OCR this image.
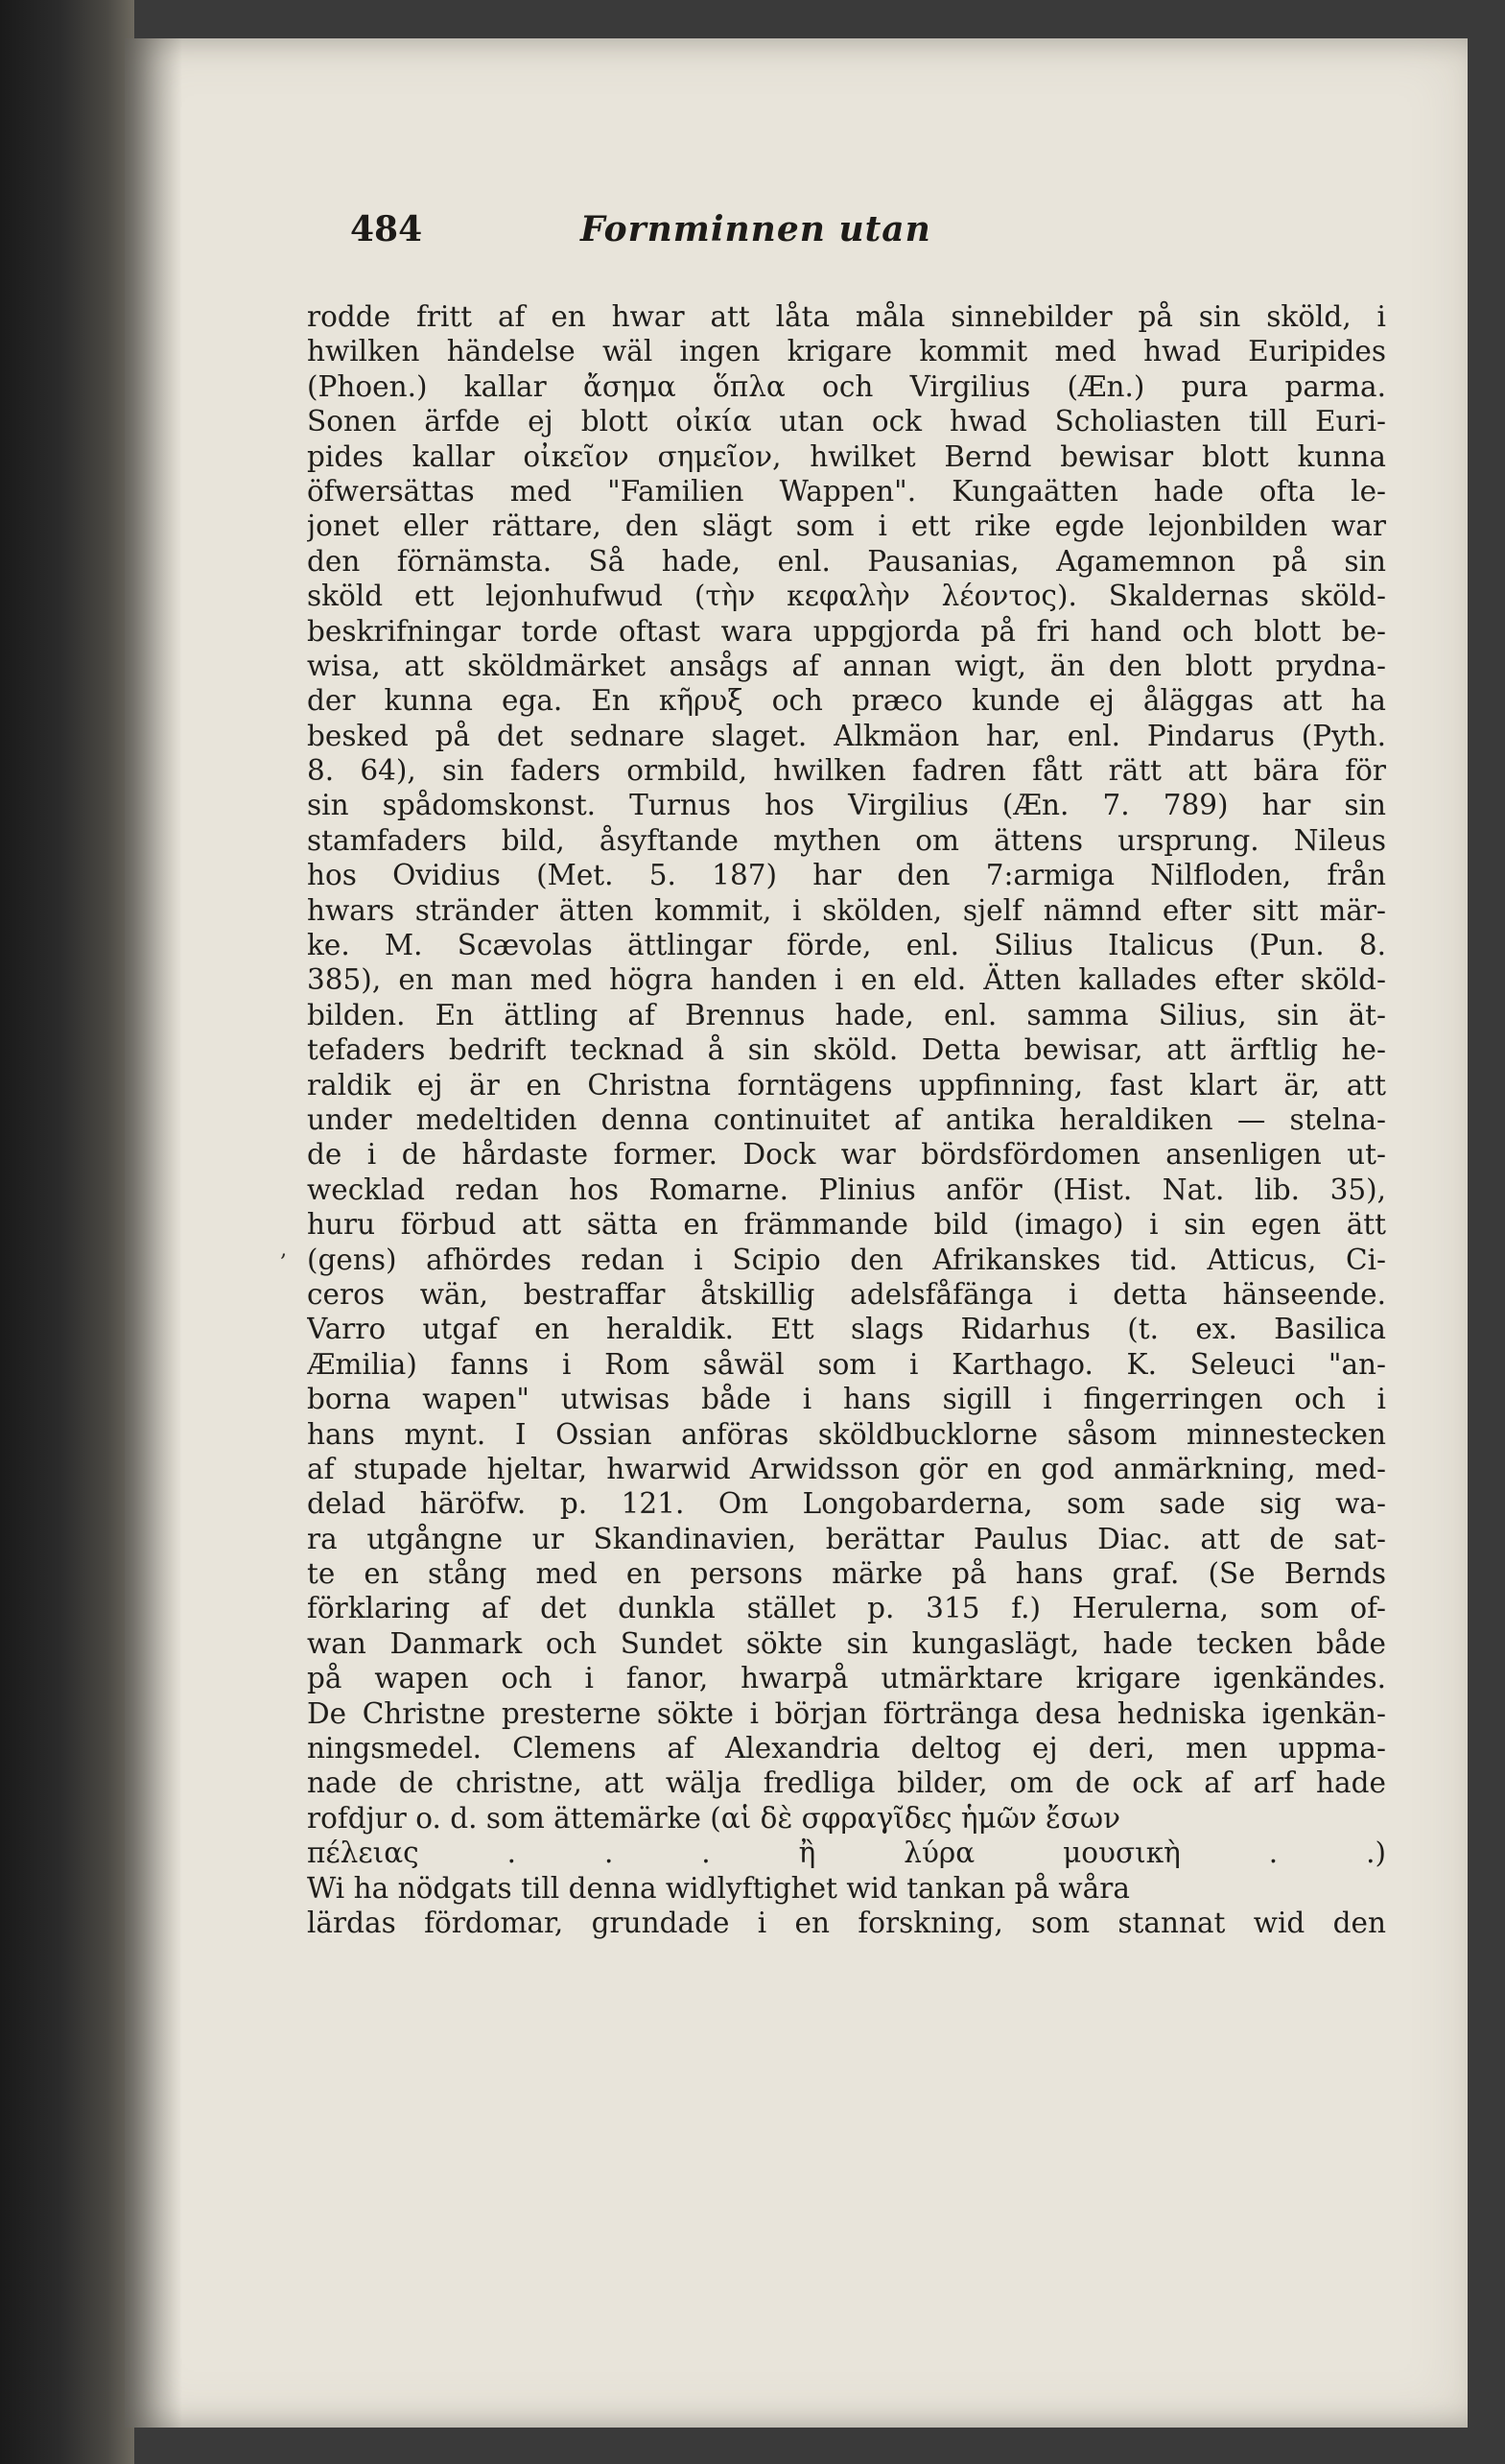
484	Fornminnen utan
‚
rodde fritt af en hwar att låta måla sinnebilder på sin sköld, i
hwilken händelse wäl ingen krigare kommit med hwad Euripides
(Phoen.) kallar ἄσημα ὅπλα och Virgilius (Æn.) pura parma.
Sonen ärfde ej blott οἰκία utan ock hwad Scholiasten till Euri-
pides kallar οἰκεῖον σημεῖον, hwilket Bernd bewisar blott kunna
öfwersättas med "Familien Wappen". Kungaätten hade ofta le-
jonet eller rättare, den slägt som i ett rike egde lejonbilden war
den förnämsta. Så hade, enl. Pausanias, Agamemnon på sin
sköld ett lejonhufwud (τὴν κεφαλὴν λέοντος). Skaldernas sköld-
beskrifningar torde oftast wara uppgjorda på fri hand och blott be-
wisa, att sköldmärket ansågs af annan wigt, än den blott prydna-
der kunna ega. En κῆρυξ och præco kunde ej åläggas att ha
besked på det sednare slaget. Alkmäon har, enl. Pindarus (Pyth.
8. 64), sin faders ormbild, hwilken fadren fått rätt att bära för
sin spådomskonst. Turnus hos Virgilius (Æn. 7. 789) har sin
stamfaders bild, åsyftande mythen om ättens ursprung. Nileus
hos Ovidius (Met. 5. 187) har den 7:armiga Nilfloden, från
hwars stränder ätten kommit, i skölden, sjelf nämnd efter sitt mär-
ke. M. Scævolas ättlingar förde, enl. Silius Italicus (Pun. 8.
385), en man med högra handen i en eld. Ätten kallades efter sköld-
bilden. En ättling af Brennus hade, enl. samma Silius, sin ät-
tefaders bedrift tecknad å sin sköld. Detta bewisar, att ärftlig he-
raldik ej är en Christna forntägens uppfinning, fast klart är, att
under medeltiden denna continuitet af antika heraldiken — stelna-
de i de hårdaste former. Dock war bördsfördomen ansenligen ut-
wecklad redan hos Romarne. Plinius anför (Hist. Nat. lib. 35),
huru förbud att sätta en främmande bild (imago) i sin egen ätt
(gens) afhördes redan i Scipio den Afrikanskes tid. Atticus, Ci-
ceros wän, bestraffar åtskillig adelsfåfänga i detta hänseende.
Varro utgaf en heraldik. Ett slags Ridarhus (t. ex. Basilica
Æmilia) fanns i Rom såwäl som i Karthago. K. Seleuci "an-
borna wapen" utwisas både i hans sigill i fingerringen och i
hans mynt. I Ossian anföras sköldbucklorne såsom minnestecken
af stupade hjeltar, hwarwid Arwidsson gör en god anmärkning, med-
delad häröfw. p. 121. Om Longobarderna, som sade sig wa-
ra utgångne ur Skandinavien, berättar Paulus Diac. att de sat-
te en stång med en persons märke på hans graf. (Se Bernds
förklaring af det dunkla stället p. 315 f.) Herulerna, som of-
wan Danmark och Sundet sökte sin kungaslägt, hade tecken både
på wapen och i fanor, hwarpå utmärktare krigare igenkändes.
De Christne presterne sökte i början förtränga desa hedniska igenkän-
ningsmedel. Clemens af Alexandria deltog ej deri, men uppma-
nade de christne, att wälja fredliga bilder, om de ock af arf hade
rofdjur o. d. som ättemärke (αἱ δὲ σφραγῖδες ἡμῶν ἔσων
πέλειας . . . ἢ λύρα μουσικὴ . .)
Wi ha nödgats till denna widlyftighet wid tankan på wåra
lärdas fördomar, grundade i en forskning, som stannat wid den
